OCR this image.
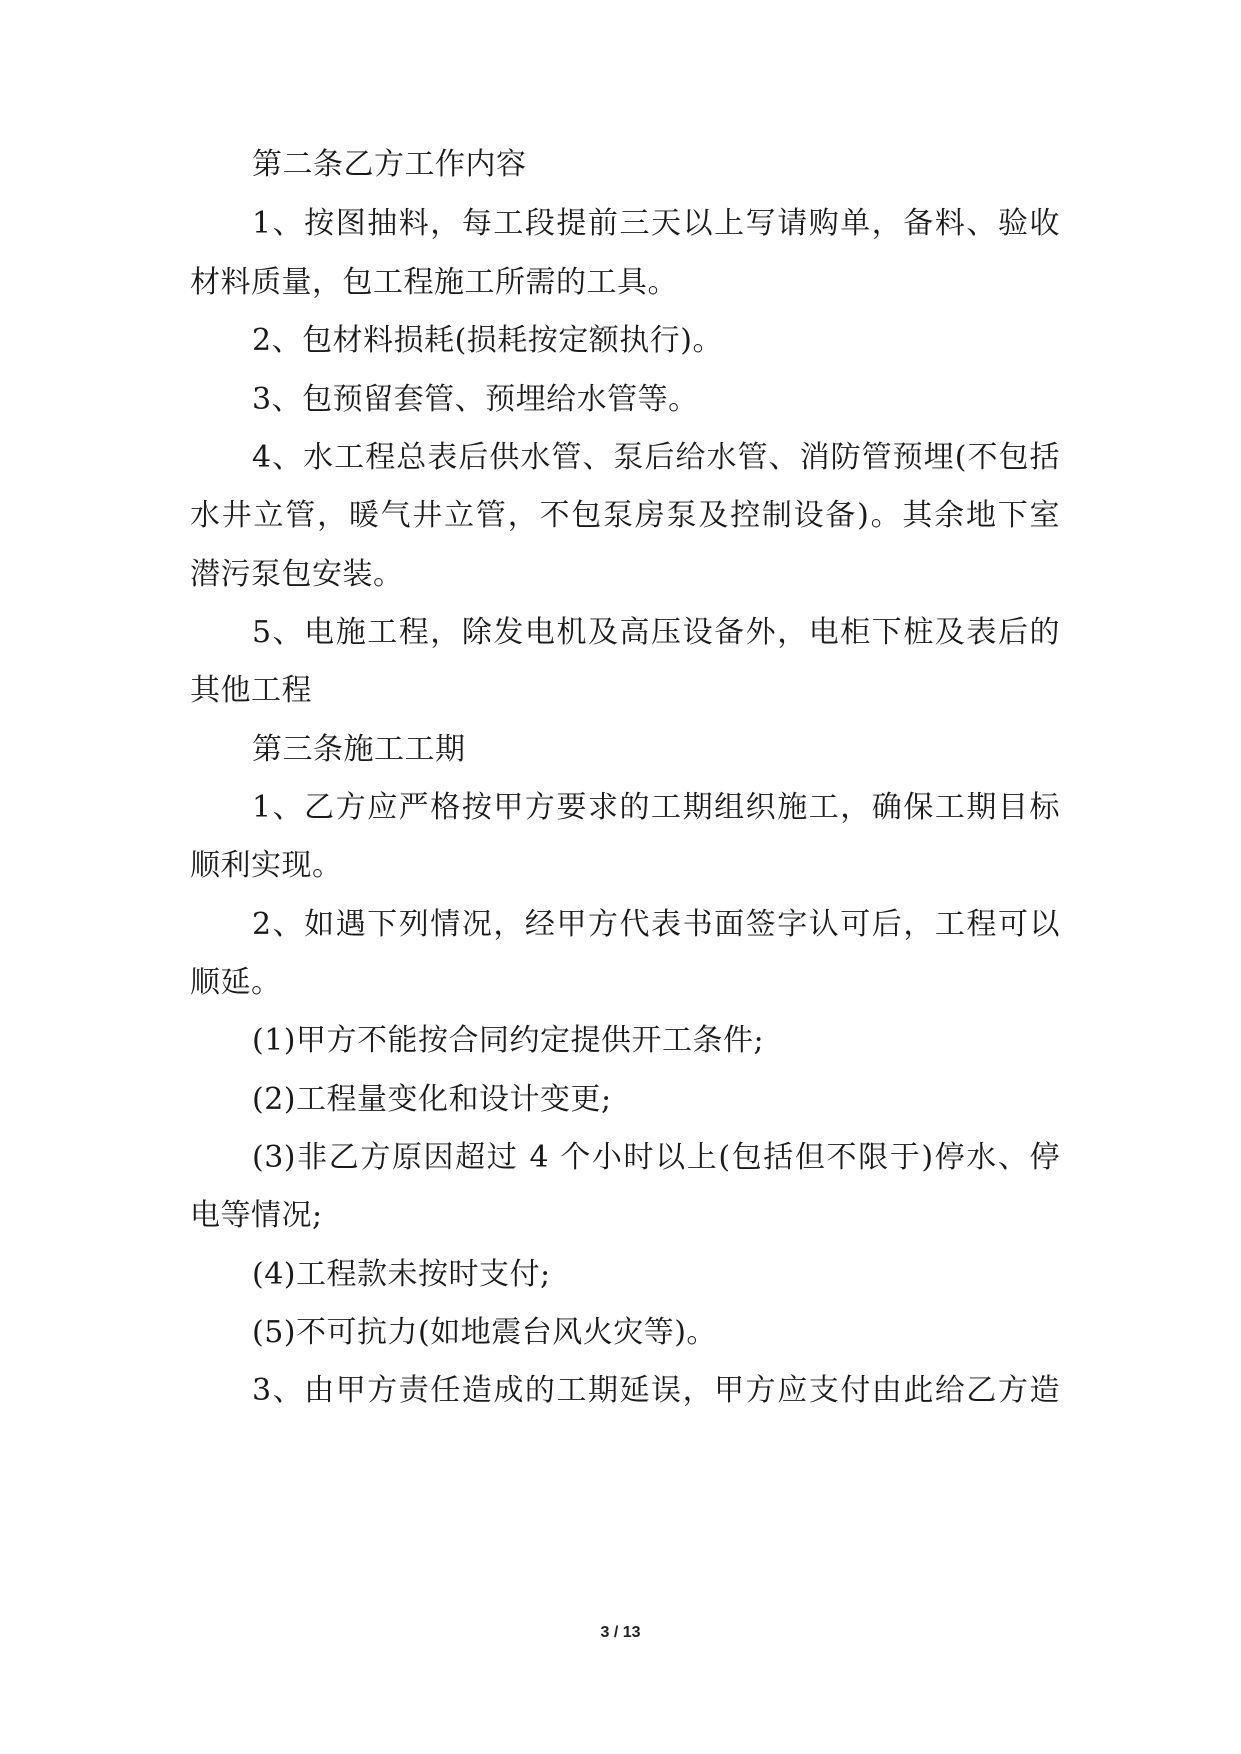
第二条乙方工作内容
1、按图抽料，每工段提前三天以上写请购单，备料、验收
材料质量，包工程施工所需的工具。
2、包材料损耗(损耗按定额执行)。
3、包预留套管、预埋给水管等。
4、水工程总表后供水管、泵后给水管、消防管预埋(不包括
水井立管，暖气井立管，不包泵房泵及控制设备)。其余地下室
潜污泵包安装。
5、电施工程，除发电机及高压设备外，电柜下桩及表后的
其他工程
第三条施工工期
1、乙方应严格按甲方要求的工期组织施工，确保工期目标
顺利实现。
2、如遇下列情况，经甲方代表书面签字认可后，工程可以
顺延。
(1)甲方不能按合同约定提供开工条件;
(2)工程量变化和设计变更;
(3)非乙方原因超过 4 个小时以上(包括但不限于)停水、停
电等情况;
(4)工程款未按时支付;
(5)不可抗力(如地震台风火灾等)。
3、由甲方责任造成的工期延误，甲方应支付由此给乙方造
3 / 13
